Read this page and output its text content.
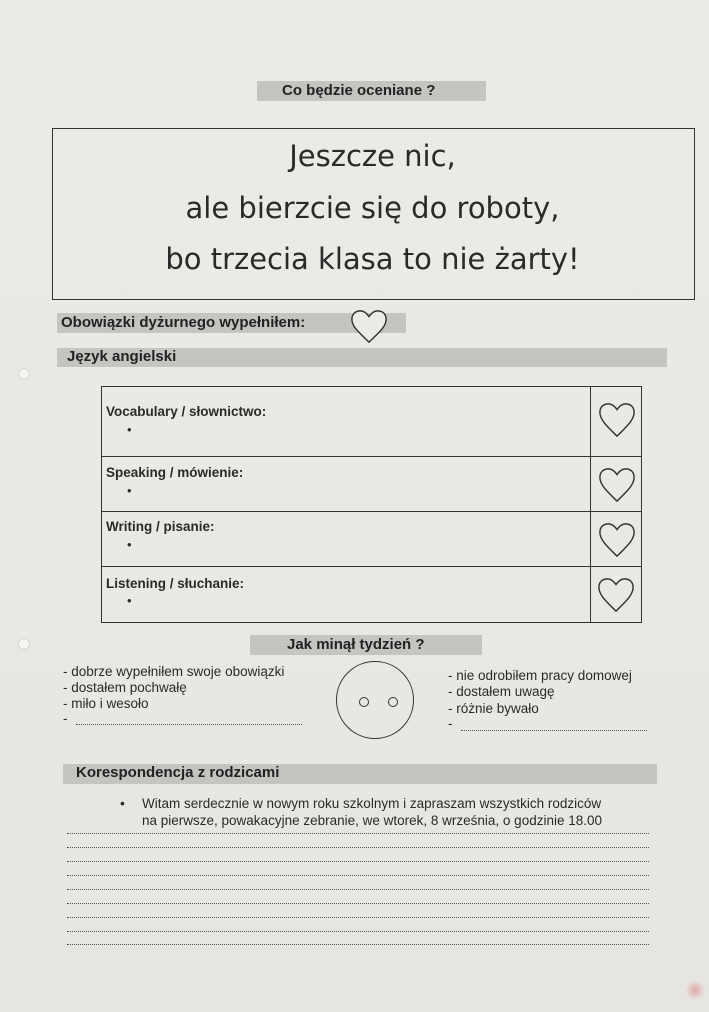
Co będzie oceniane ?
Jeszcze nic,
ale bierzcie się do roboty,
bo trzecia klasa to nie żarty!
Obowiązki dyżurnego wypełniłem:
Język angielski
Vocabulary / słownictwo:
•
Speaking / mówienie:
•
Writing / pisanie:
•
Listening / słuchanie:
•
Jak minął tydzień ?
- dobrze wypełniłem swoje obowiązki
- dostałem pochwałę
- miło i wesoło
-
- nie odrobiłem pracy domowej
- dostałem uwagę
- różnie bywało
-
Korespondencja z rodzicami
• Witam serdecznie w nowym roku szkolnym i zapraszam wszystkich rodziców
na pierwsze, powakacyjne zebranie, we wtorek, 8 września, o godzinie 18.00
